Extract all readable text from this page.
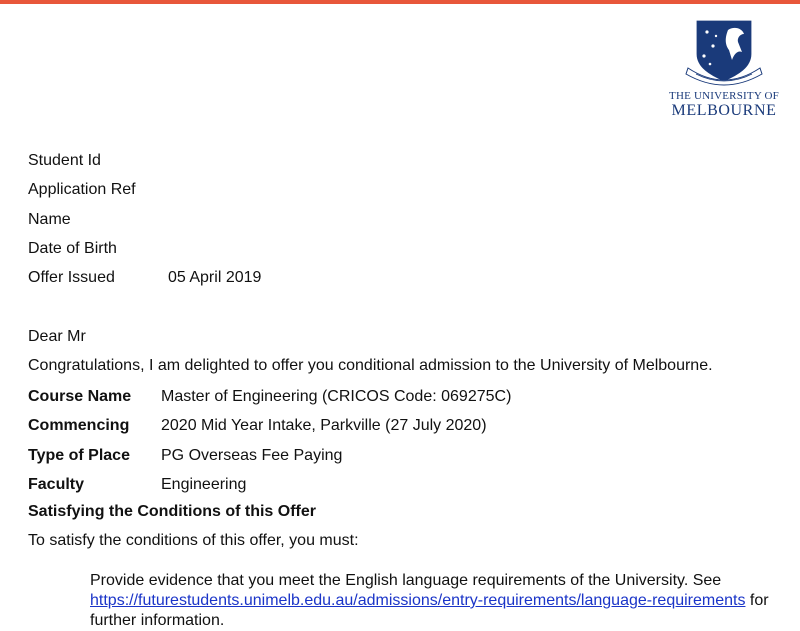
THE UNIVERSITY OF
MELBOURNE
Student Id
Application Ref
Name
Date of Birth
Offer Issued	05 April 2019
Dear Mr
Congratulations, I am delighted to offer you conditional admission to the University of Melbourne.
Course Name	Master of Engineering (CRICOS Code: 069275C)
Commencing	2020 Mid Year Intake, Parkville (27 July 2020)
Type of Place	PG Overseas Fee Paying
Faculty	Engineering
Satisfying the Conditions of this Offer
To satisfy the conditions of this offer, you must:
Provide evidence that you meet the English language requirements of the University. See
https://futurestudents.unimelb.edu.au/admissions/entry-requirements/language-requirements for further information.
